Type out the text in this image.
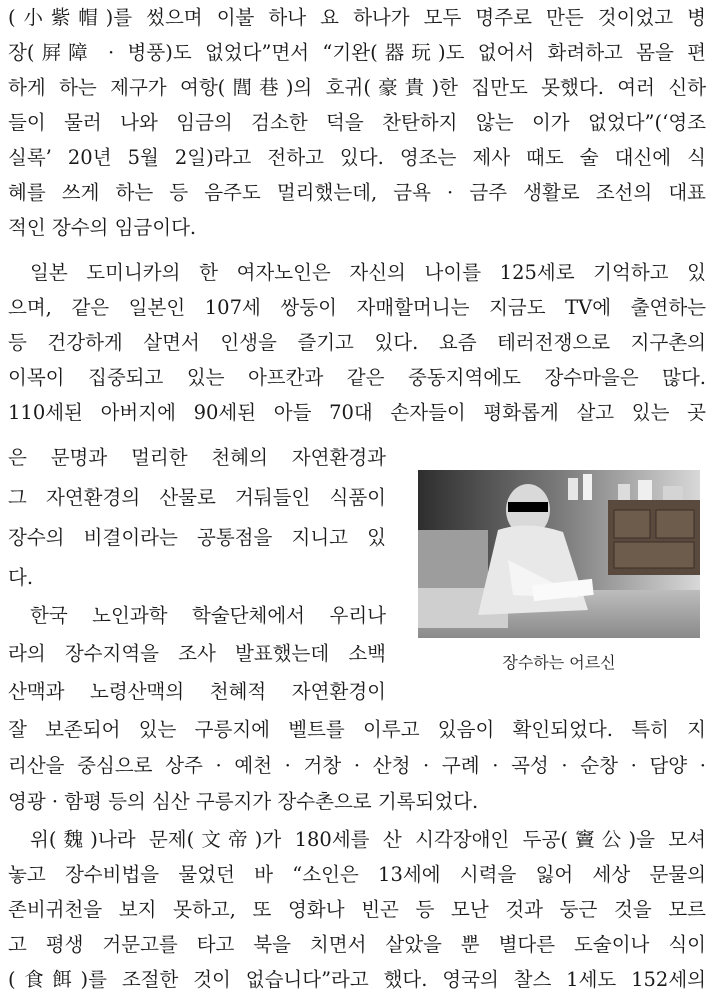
(小紫帽)를 썼으며 이불 하나 요 하나가 모두 명주로 만든 것이었고 병
장(屛障 · 병풍)도 없었다”면서 “기완(器玩)도 없어서 화려하고 몸을 편
하게 하는 제구가 여항(閭巷)의 호귀(豪貴)한 집만도 못했다. 여러 신하
들이 물러 나와 임금의 검소한 덕을 찬탄하지 않는 이가 없었다”(‘영조
실록’ 20년 5월 2일)라고 전하고 있다. 영조는 제사 때도 술 대신에 식
혜를 쓰게 하는 등 음주도 멀리했는데, 금욕 · 금주 생활로 조선의 대표
적인 장수의 임금이다.
일본 도미니카의 한 여자노인은 자신의 나이를 125세로 기억하고 있
으며, 같은 일본인 107세 쌍둥이 자매할머니는 지금도 TV에 출연하는
등 건강하게 살면서 인생을 즐기고 있다. 요즘 테러전쟁으로 지구촌의
이목이 집중되고 있는 아프칸과 같은 중동지역에도 장수마을은 많다.
110세된 아버지에 90세된 아들 70대 손자들이 평화롭게 살고 있는 곳
은 문명과 멀리한 천혜의 자연환경과
그 자연환경의 산물로 거둬들인 식품이
장수의 비결이라는 공통점을 지니고 있
다.
한국 노인과학 학술단체에서 우리나
라의 장수지역을 조사 발표했는데 소백
산맥과 노령산맥의 천혜적 자연환경이
잘 보존되어 있는 구릉지에 벨트를 이루고 있음이 확인되었다. 특히 지
리산을 중심으로 상주 · 예천 · 거창 · 산청 · 구례 · 곡성 · 순창 · 담양 ·
영광 · 함평 등의 심산 구릉지가 장수촌으로 기록되었다.
위(魏)나라 문제(文帝)가 180세를 산 시각장애인 두공(竇公)을 모셔
놓고 장수비법을 물었던 바 “소인은 13세에 시력을 잃어 세상 문물의
존비귀천을 보지 못하고, 또 영화나 빈곤 등 모난 것과 둥근 것을 모르
고 평생 거문고를 타고 북을 치면서 살았을 뿐 별다른 도술이나 식이
(食餌)를 조절한 것이 없습니다”라고 했다. 영국의 찰스 1세도 152세의
장수하는 어르신
